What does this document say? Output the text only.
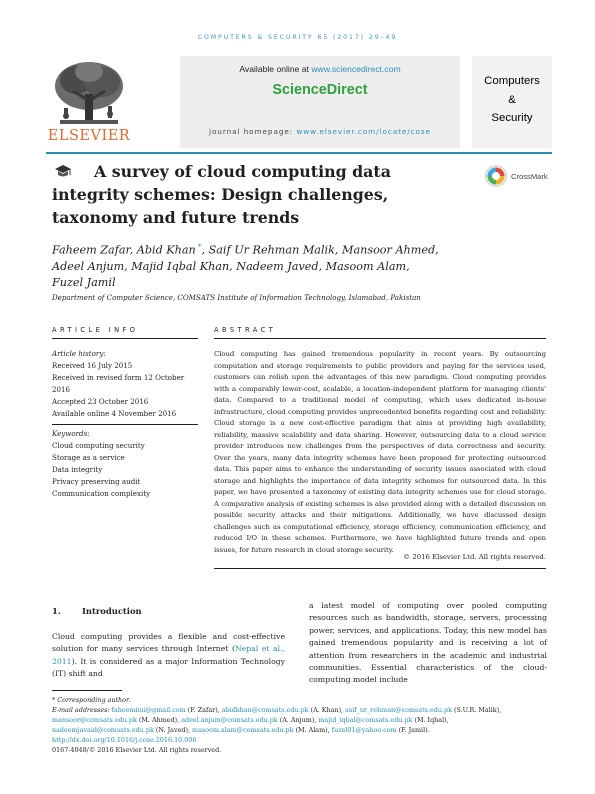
COMPUTERS & SECURITY 65 (2017) 29–49
Available online at www.sciencedirect.com
ScienceDirect
journal homepage: www.elsevier.com/locate/cose
ELSEVIER
Computers
&
Security
A survey of cloud computing data integrity schemes: Design challenges, taxonomy and future trends
CrossMark
Faheem Zafar, Abid Khan *, Saif Ur Rehman Malik, Mansoor Ahmed, Adeel Anjum, Majid Iqbal Khan, Nadeem Javed, Masoom Alam, Fuzel Jamil
Department of Computer Science, COMSATS Institute of Information Technology, Islamabad, Pakistan
ARTICLE INFO	ABSTRACT
Article history:
Received 16 July 2015
Received in revised form 12 October 2016
Accepted 23 October 2016
Available online 4 November 2016
Keywords:
Cloud computing security
Storage as a service
Data integrity
Privacy preserving audit
Communication complexity
Cloud computing has gained tremendous popularity in recent years. By outsourcing computation and storage requirements to public providers and paying for the services used, customers can relish upon the advantages of this new paradigm. Cloud computing provides with a comparably lower-cost, scalable, a location-independent platform for managing clients' data. Compared to a traditional model of computing, which uses dedicated in-house infrastructure, cloud computing provides unprecedented benefits regarding cost and reliability. Cloud storage is a new cost-effective paradigm that aims at providing high availability, reliability, massive scalability and data sharing. However, outsourcing data to a cloud service provider introduces new challenges from the perspectives of data correctness and security. Over the years, many data integrity schemes have been proposed for protecting outsourced data. This paper aims to enhance the understanding of security issues associated with cloud storage and highlights the importance of data integrity schemes for outsourced data. In this paper, we have presented a taxonomy of existing data integrity schemes use for cloud storage. A comparative analysis of existing schemes is also provided along with a detailed discussion on possible security attacks and their mitigations. Additionally, we have discussed design challenges such as computational efficiency, storage efficiency, communication efficiency, and reduced I/O in these schemes. Furthermore, we have highlighted future trends and open issues, for future research in cloud storage security.
© 2016 Elsevier Ltd. All rights reserved.
1.	Introduction
Cloud computing provides a flexible and cost-effective solution for many services through Internet (Nepal et al., 2011). It is considered as a major Information Technology (IT) shift and
a latest model of computing over pooled computing resources such as bandwidth, storage, servers, processing power, services, and applications. Today, this new model has gained tremendous popularity and is receiving a lot of attention from researchers in the academic and industrial communities. Essential characteristics of the cloud-computing model include
* Corresponding author.
E-mail addresses: faheemiiui@gmail.com (F. Zafar), abidkhan@comsats.edu.pk (A. Khan), saif_ur_rehman@comsats.edu.pk (S.U.R. Malik), mansoor@comsats.edu.pk (M. Ahmed), adeel.anjum@comsats.edu.pk (A. Anjum), majid_iqbal@comsats.edu.pk (M. Iqbal), nadeemjavaid@comsats.edu.pk (N. Javed), masoom.alam@comsats.edu.pk (M. Alam), fuzel01@yahoo.com (F. Jamil).
http://dx.doi.org/10.1016/j.cose.2016.10.006
0167-4048/© 2016 Elsevier Ltd. All rights reserved.
